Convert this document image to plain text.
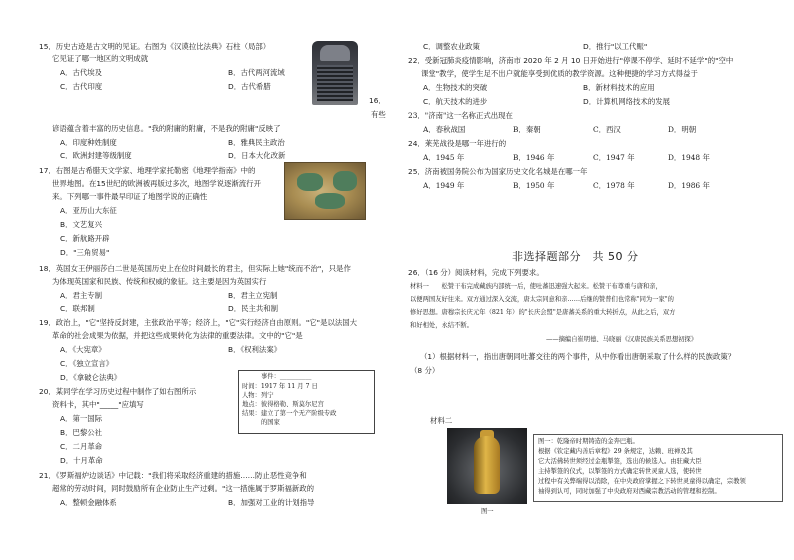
15．历史古迹是古文明的见证。右图为《汉谟拉比法典》石柱（局部）
它见证了哪一地区的文明成就
A．古代埃及	B．古代两河流域
C．古代印度	D．古代希腊
16．
有些
谚语蕴含着丰富的历史信息。"我的附庸的附庸，不是我的附庸"反映了
A．印度种姓制度	B．雅典民主政治
C．欧洲封建等级制度	D．日本大化改新
17．右图是古希腊天文学家、地理学家托勒密《地理学指南》中的
世界地图。在15世纪的欧洲被再版过多次，地图学说逐渐流行开
来。下列哪一事件最早印证了地图学说的正确性
A．亚历山大东征
B．文艺复兴
C．新航路开辟
D．"三角贸易"
18．英国女王伊丽莎白二世是英国历史上在位时间最长的君主，但实际上她"统而不治"，只是作
为体现英国家和民族、传统和权威的象征。这主要是因为英国实行
A．君主专制	B．君主立宪制
C．联邦制	D．民主共和制
19．政治上，"它"坚持反封建，主张政治平等；经济上，"它"实行经济自由原则。"它"是以法国大
革命的社会成果为依据，并把这些成果转化为法律的重要法律。文中的"它"是
A．《大宪章》	B．《权利法案》
C．《独立宣言》
D．《拿破仑法典》
20．某同学在学习历史过程中制作了如右图所示
资料卡，其中"_____"应填写
A．第一国际
B．巴黎公社
C．二月革命
D．十月革命
事件：__________
时间：1917 年 11 月 7 日
人物：列宁
地点：彼得格勒、斯莫尔尼宫
结果：建立了第一个无产阶级专政
的国家
21．《罗斯福炉边谈话》中记载："我们将采取经济重建的措施……防止恶性竞争和
超常的劳动时间，同时鼓励所有企业防止生产过剩。"这一措施属于罗斯福新政的
A．整顿金融体系	B．加强对工业的计划指导
C．调整农业政策	D．推行"以工代赈"
22．受新冠肺炎疫情影响，济南市 2020 年 2 月 10 日开始进行"停课不停学、延时不延学"的"空中
课堂"教学，使学生足不出户就能享受到优质的教学资源。这种便捷的学习方式得益于
A．生物技术的突破	B．新材料技术的应用
C．航天技术的进步	D．计算机网络技术的发展
23．"济南"这一名称正式出现在
A．春秋战国	B．秦朝	C．西汉	D．明朝
24．莱芜战役是哪一年进行的
A．1945 年	B．1946 年	C．1947 年	D．1948 年
25．济南被国务院公布为国家历史文化名城是在哪一年
A．1949 年	B．1950 年	C．1978 年	D．1986 年
非选择题部分　共 50 分
26．（16 分）阅读材料，完成下列要求。
材料一　　松赞干布完成藏族内部统一后，使吐蕃迅速强大起来。松赞干布尊重与唐和亲，
以便两国友好往来。双方通过深入交流，唐太宗同意和亲……后继的赞普们也常称"同为一家"的
修好思想。唐穆宗长庆元年（821 年）的"长庆会盟"是唐蕃关系的重大转折点，从此之后，双方
和好相处，永结不断。
——摘编自崔明德、马晓丽《汉唐民族关系思想初探》
（1）根据材料一，指出唐朝同吐蕃交往的两个事件，从中你看出唐朝采取了什么样的民族政策？
（8 分）
材料二
图一
图一：乾隆帝时期铸造的金奔巴瓶。
根据《钦定藏内善后章程》29 条规定，达赖、班禅及其
它大活佛转世须经过金瓶掣签，选出的候选人。由驻藏大臣
主持掣签的仪式，以掣签的方式确定转世灵童人选，使转世
过程中有关弊端得以消除，在中央政府掌握之下转世灵童得以确定，宗教领
袖得到认可，同时加强了中央政府对西藏宗教活动的管理和控制。
